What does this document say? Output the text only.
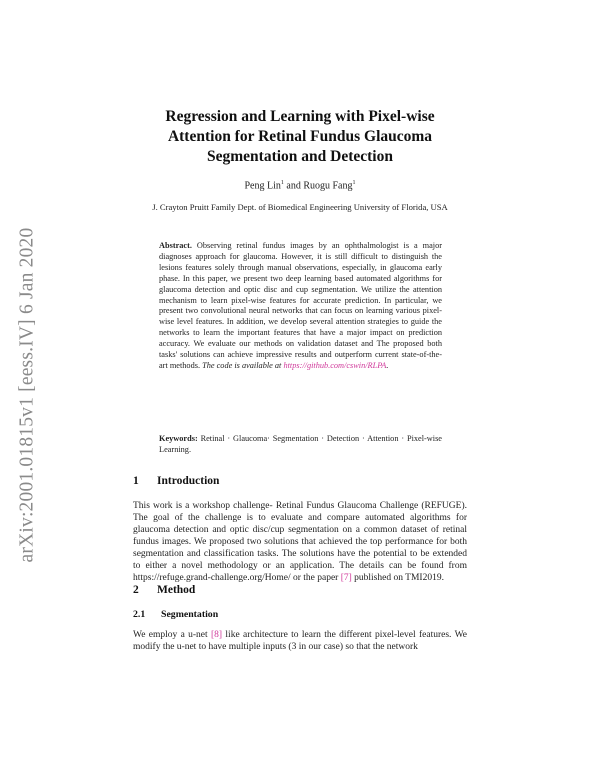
arXiv:2001.01815v1 [eess.IV] 6 Jan 2020
Regression and Learning with Pixel-wise
Attention for Retinal Fundus Glaucoma
Segmentation and Detection
Peng Lin$^1$ and Ruogu Fang$^1$
J. Crayton Pruitt Family Dept. of Biomedical Engineering University of Florida, USA
Abstract. Observing retinal fundus images by an ophthalmologist is a major diagnoses approach for glaucoma. However, it is still difficult to distinguish the lesions features solely through manual observations, especially, in glaucoma early phase. In this paper, we present two deep learning based automated algorithms for glaucoma detection and optic disc and cup segmentation. We utilize the attention mechanism to learn pixel-wise features for accurate prediction. In particular, we present two convolutional neural networks that can focus on learning various pixel-wise level features. In addition, we develop several attention strategies to guide the networks to learn the important features that have a major impact on prediction accuracy. We evaluate our methods on validation dataset and The proposed both tasks' solutions can achieve impressive results and outperform current state-of-the-art methods. The code is available at https://github.com/cswin/RLPA.
Keywords: Retinal · Glaucoma· Segmentation · Detection · Attention · Pixel-wise Learning.
1 Introduction
This work is a workshop challenge- Retinal Fundus Glaucoma Challenge (REFUGE). The goal of the challenge is to evaluate and compare automated algorithms for glaucoma detection and optic disc/cup segmentation on a common dataset of retinal fundus images. We proposed two solutions that achieved the top performance for both segmentation and classification tasks. The solutions have the potential to be extended to either a novel methodology or an application. The details can be found from https://refuge.grand-challenge.org/Home/ or the paper [7] published on TMI2019.
2 Method
2.1 Segmentation
We employ a u-net [8] like architecture to learn the different pixel-level features. We modify the u-net to have multiple inputs (3 in our case) so that the network
